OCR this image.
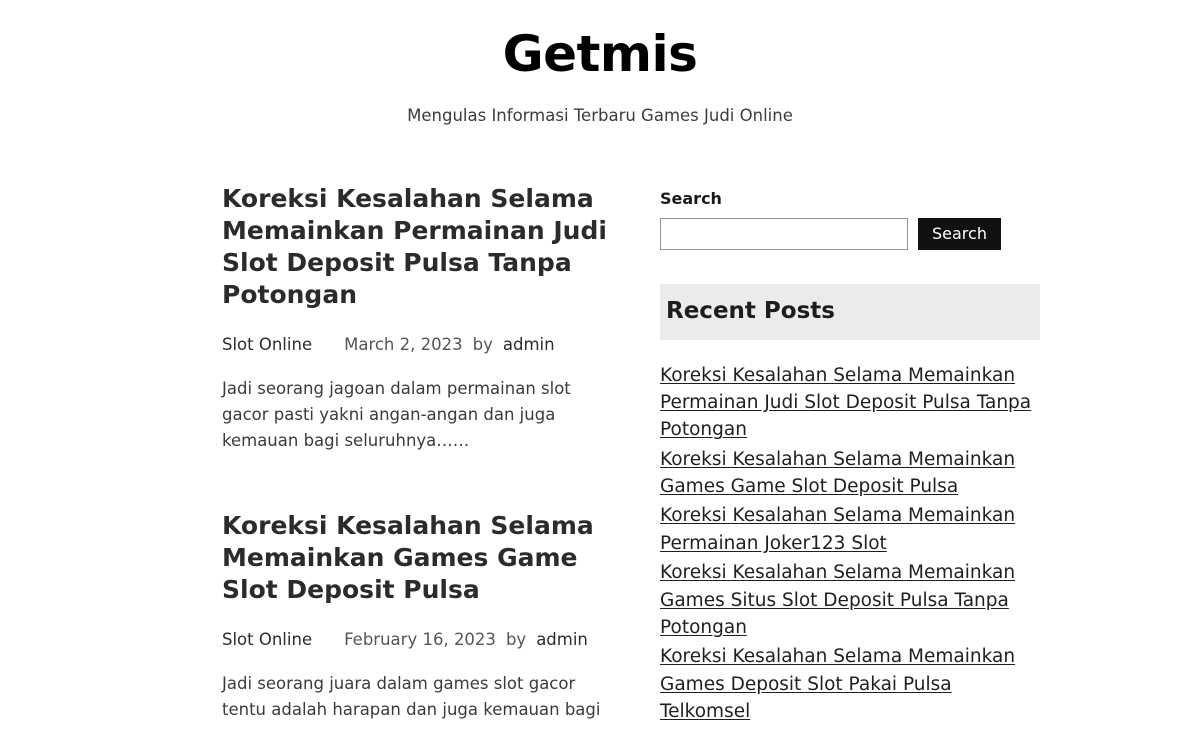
Getmis

Mengulas Informasi Terbaru Games Judi Online

Koreksi Kesalahan Selama Memainkan Permainan Judi Slot Deposit Pulsa Tanpa Potongan
Slot Online March 2, 2023 by admin

Jadi seorang jagoan dalam permainan slot gacor pasti yakni angan-angan dan juga kemauan bagi seluruhnya……

Koreksi Kesalahan Selama Memainkan Games Game Slot Deposit Pulsa
Slot Online February 16, 2023 by admin

Jadi seorang juara dalam games slot gacor tentu adalah harapan dan juga kemauan bagi

Search

Search
Recent Posts
Koreksi Kesalahan Selama Memainkan Permainan Judi Slot Deposit Pulsa Tanpa Potongan
Koreksi Kesalahan Selama Memainkan Games Game Slot Deposit Pulsa
Koreksi Kesalahan Selama Memainkan Permainan Joker123 Slot
Koreksi Kesalahan Selama Memainkan Games Situs Slot Deposit Pulsa Tanpa Potongan
Koreksi Kesalahan Selama Memainkan Games Deposit Slot Pakai Pulsa Telkomsel
